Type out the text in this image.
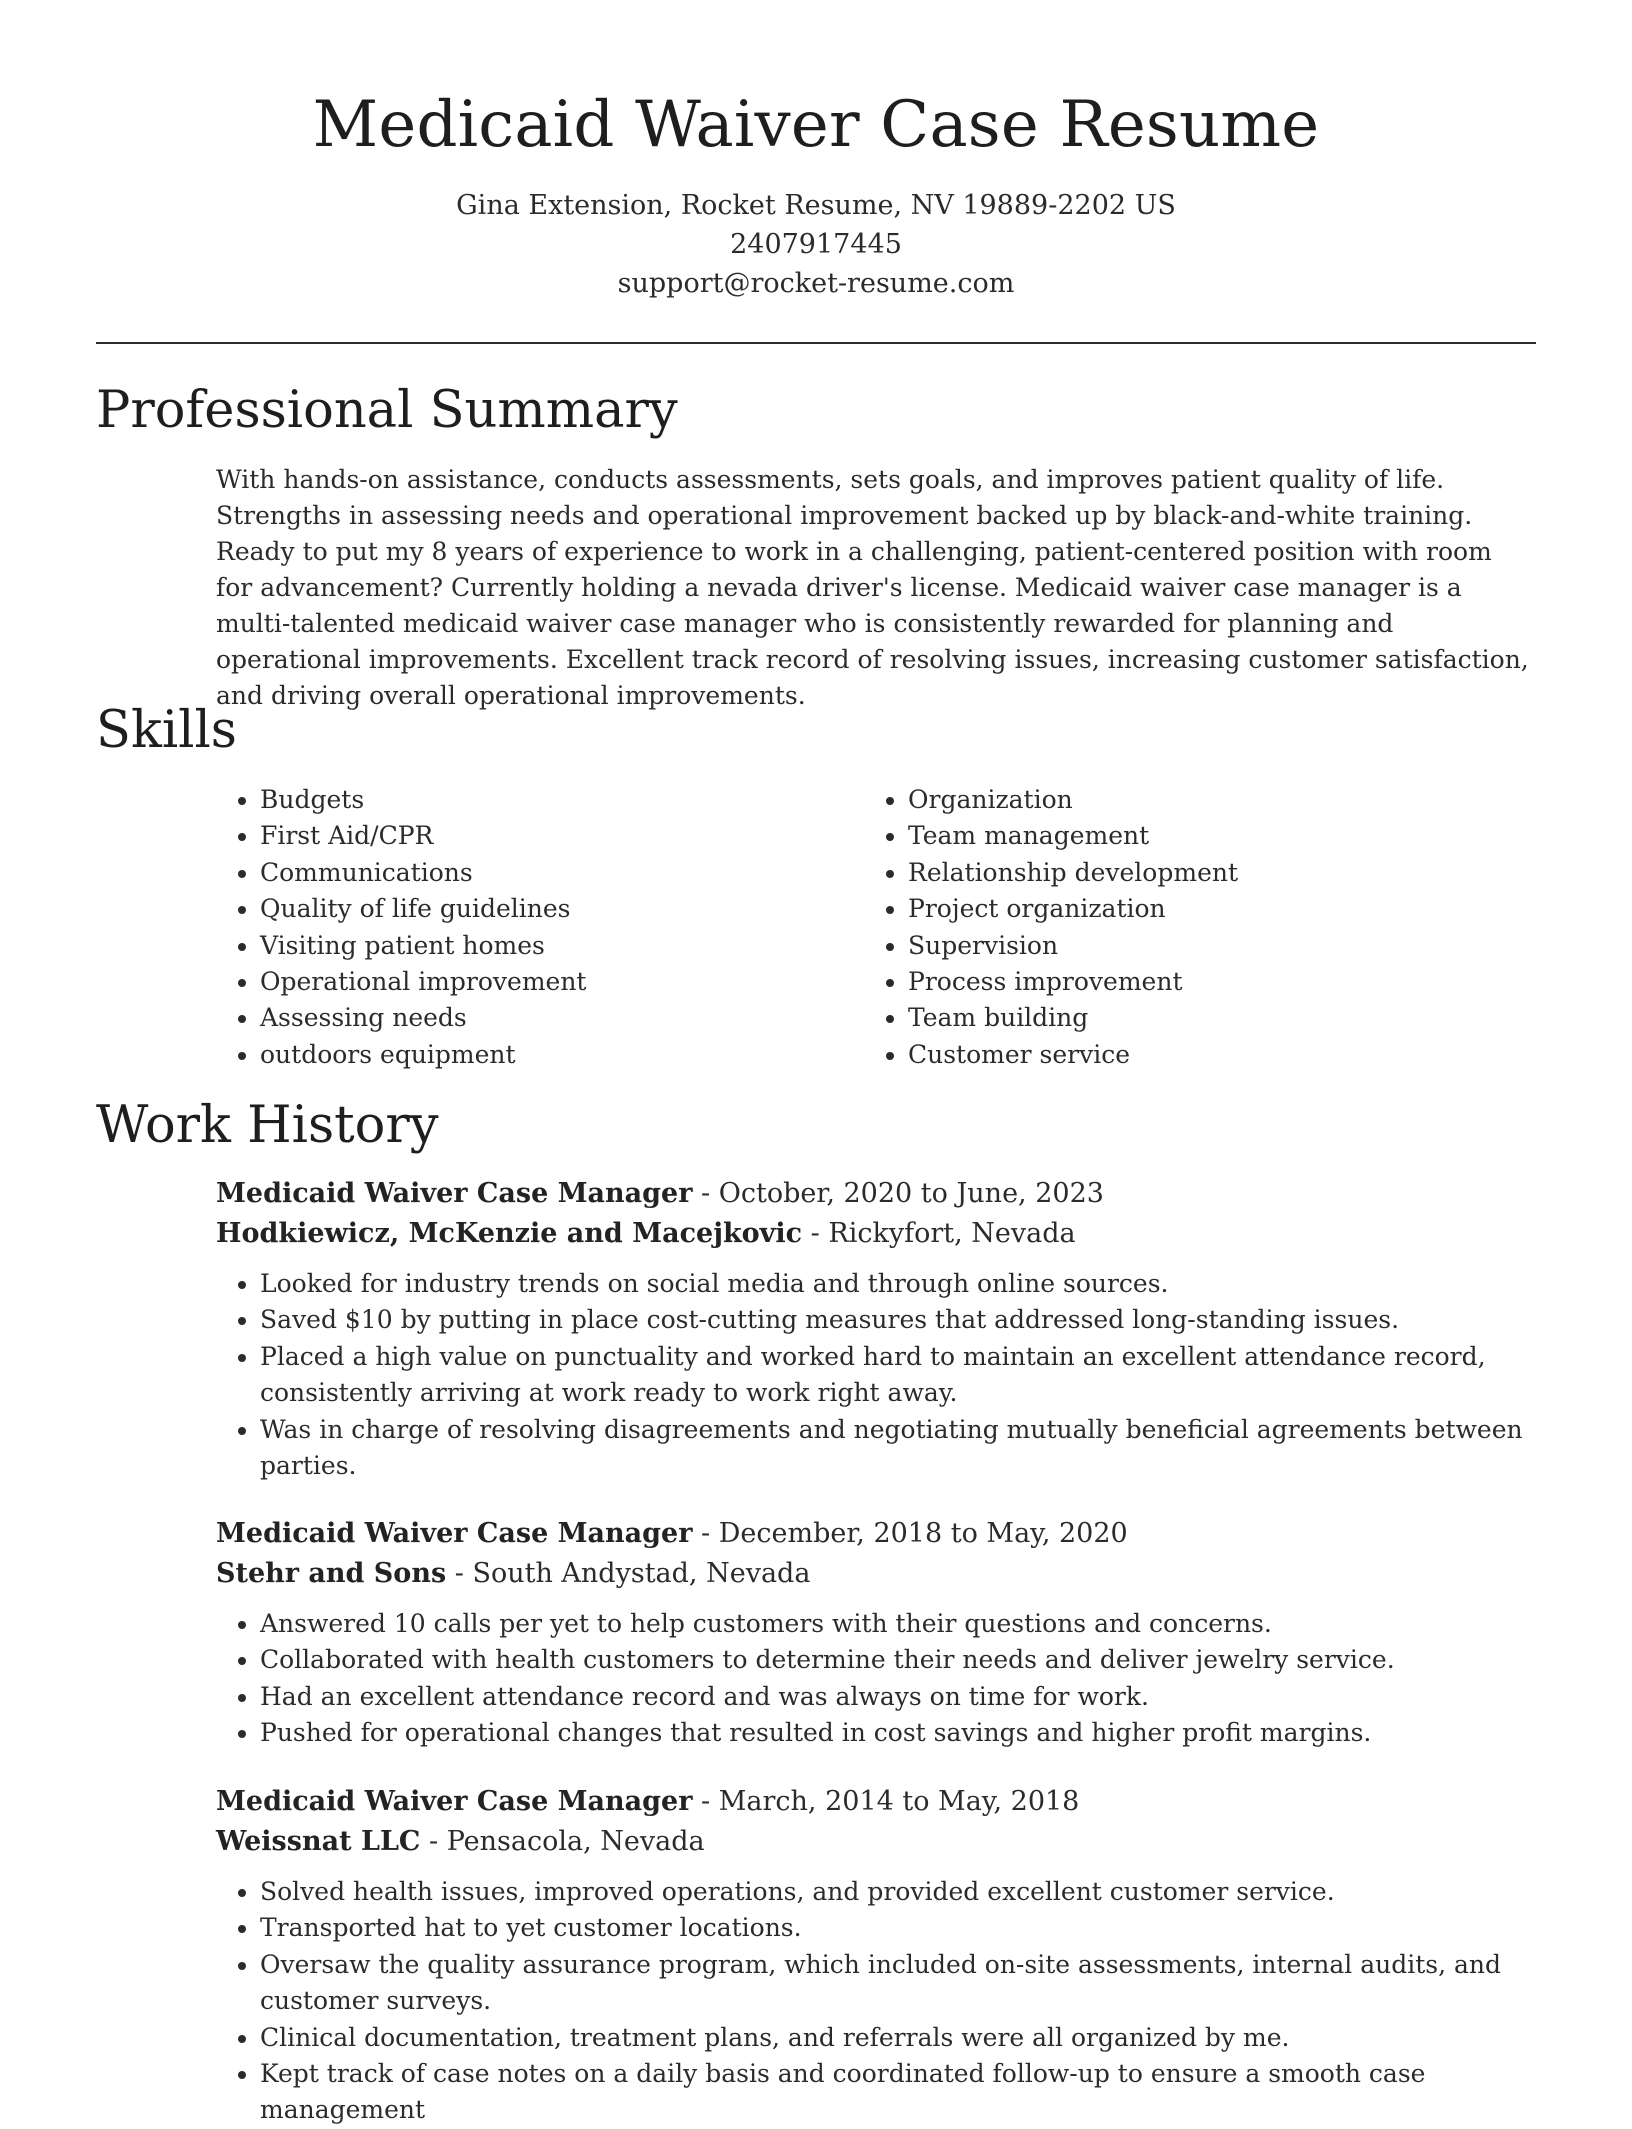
Medicaid Waiver Case Resume
Gina Extension, Rocket Resume, NV 19889-2202 US
2407917445
support@rocket-resume.com
Professional Summary
With hands-on assistance, conducts assessments, sets goals, and improves patient quality of life. Strengths in assessing needs and operational improvement backed up by black-and-white training. Ready to put my 8 years of experience to work in a challenging, patient-centered position with room for advancement? Currently holding a nevada driver's license. Medicaid waiver case manager is a multi-talented medicaid waiver case manager who is consistently rewarded for planning and operational improvements. Excellent track record of resolving issues, increasing customer satisfaction, and driving overall operational improvements.
Skills
• Budgets
• First Aid/CPR
• Communications
• Quality of life guidelines
• Visiting patient homes
• Operational improvement
• Assessing needs
• outdoors equipment
• Organization
• Team management
• Relationship development
• Project organization
• Supervision
• Process improvement
• Team building
• Customer service
Work History
Medicaid Waiver Case Manager - October, 2020 to June, 2023
Hodkiewicz, McKenzie and Macejkovic - Rickyfort, Nevada
• Looked for industry trends on social media and through online sources.
• Saved $10 by putting in place cost-cutting measures that addressed long-standing issues.
• Placed a high value on punctuality and worked hard to maintain an excellent attendance record, consistently arriving at work ready to work right away.
• Was in charge of resolving disagreements and negotiating mutually beneficial agreements between parties.
Medicaid Waiver Case Manager - December, 2018 to May, 2020
Stehr and Sons - South Andystad, Nevada
• Answered 10 calls per yet to help customers with their questions and concerns.
• Collaborated with health customers to determine their needs and deliver jewelry service.
• Had an excellent attendance record and was always on time for work.
• Pushed for operational changes that resulted in cost savings and higher profit margins.
Medicaid Waiver Case Manager - March, 2014 to May, 2018
Weissnat LLC - Pensacola, Nevada
• Solved health issues, improved operations, and provided excellent customer service.
• Transported hat to yet customer locations.
• Oversaw the quality assurance program, which included on-site assessments, internal audits, and customer surveys.
• Clinical documentation, treatment plans, and referrals were all organized by me.
• Kept track of case notes on a daily basis and coordinated follow-up to ensure a smooth case management
